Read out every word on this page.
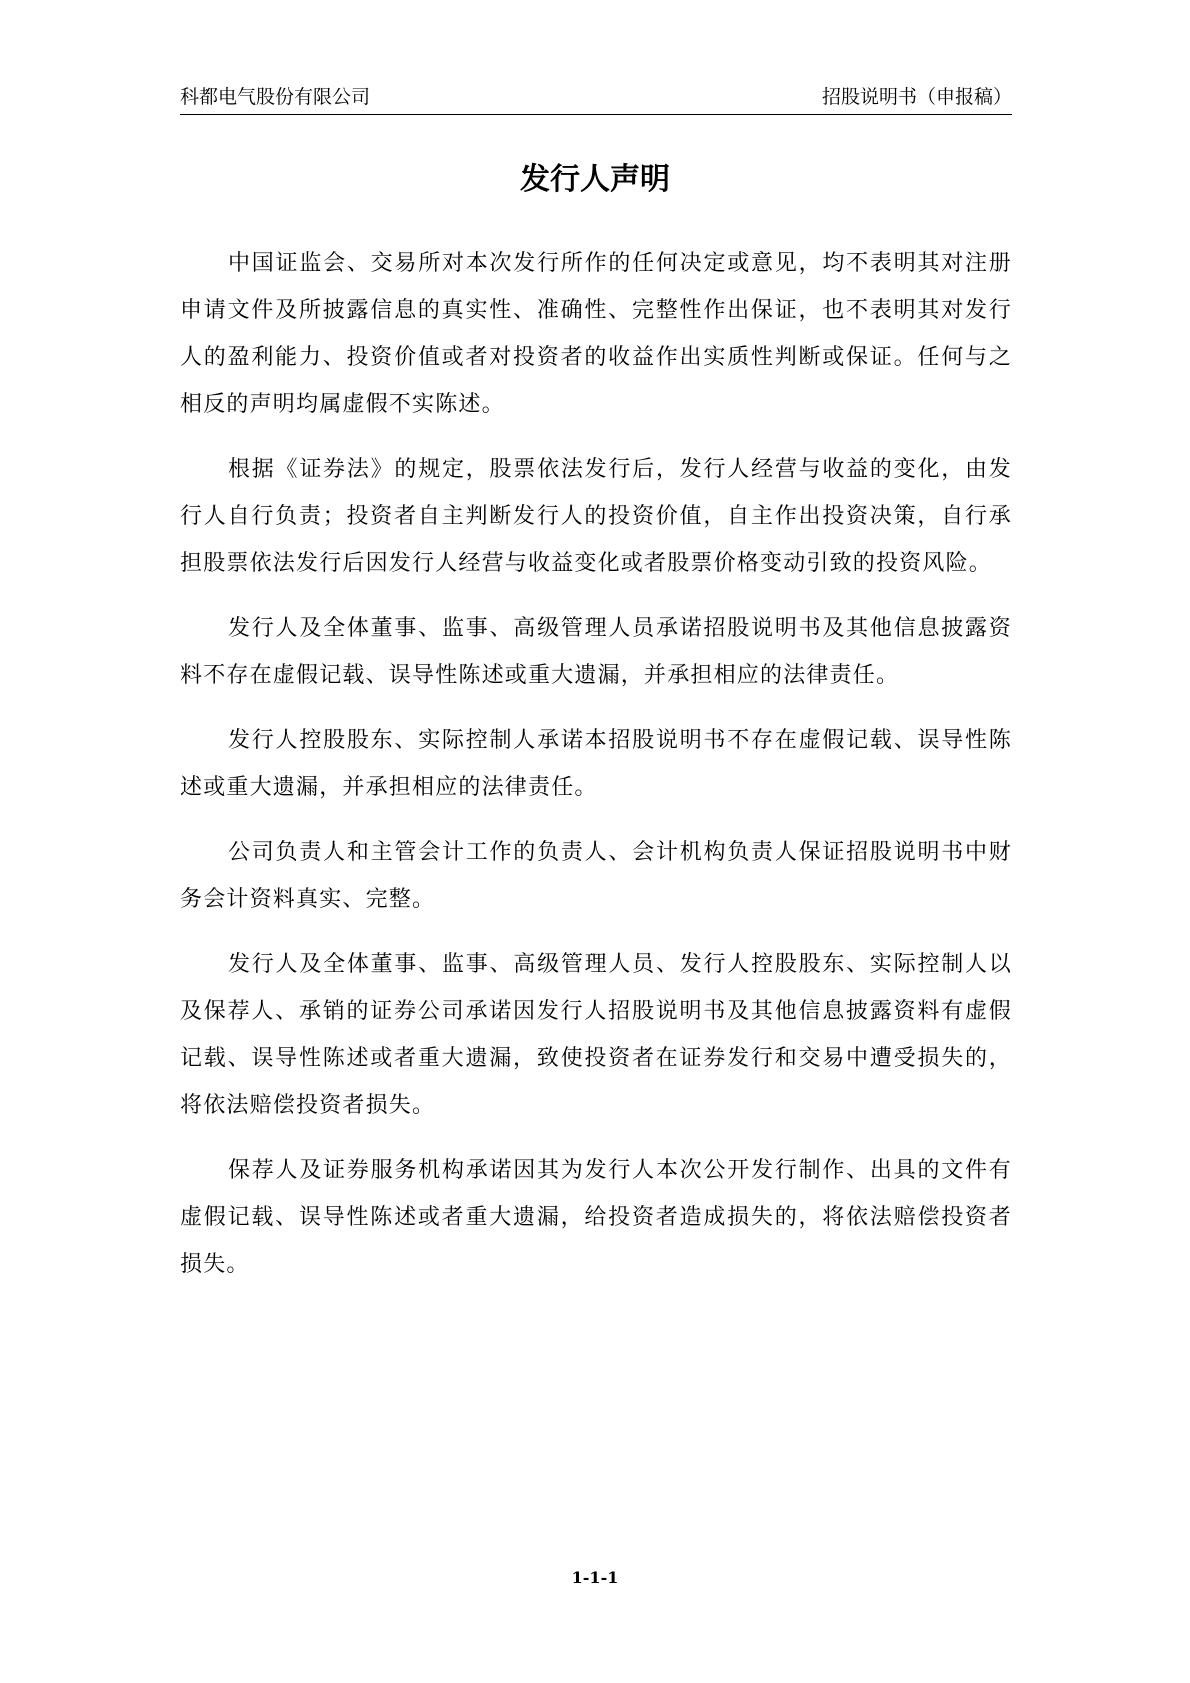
科都电气股份有限公司	招股说明书（申报稿）
发行人声明

中国证监会、交易所对本次发行所作的任何决定或意见，均不表明其对注册申请文件及所披露信息的真实性、准确性、完整性作出保证，也不表明其对发行人的盈利能力、投资价值或者对投资者的收益作出实质性判断或保证。任何与之相反的声明均属虚假不实陈述。

根据《证券法》的规定，股票依法发行后，发行人经营与收益的变化，由发行人自行负责；投资者自主判断发行人的投资价值，自主作出投资决策，自行承担股票依法发行后因发行人经营与收益变化或者股票价格变动引致的投资风险。

发行人及全体董事、监事、高级管理人员承诺招股说明书及其他信息披露资料不存在虚假记载、误导性陈述或重大遗漏，并承担相应的法律责任。

发行人控股股东、实际控制人承诺本招股说明书不存在虚假记载、误导性陈述或重大遗漏，并承担相应的法律责任。

公司负责人和主管会计工作的负责人、会计机构负责人保证招股说明书中财务会计资料真实、完整。

发行人及全体董事、监事、高级管理人员、发行人控股股东、实际控制人以及保荐人、承销的证券公司承诺因发行人招股说明书及其他信息披露资料有虚假记载、误导性陈述或者重大遗漏，致使投资者在证券发行和交易中遭受损失的，将依法赔偿投资者损失。

保荐人及证券服务机构承诺因其为发行人本次公开发行制作、出具的文件有虚假记载、误导性陈述或者重大遗漏，给投资者造成损失的，将依法赔偿投资者损失。

1-1-1
